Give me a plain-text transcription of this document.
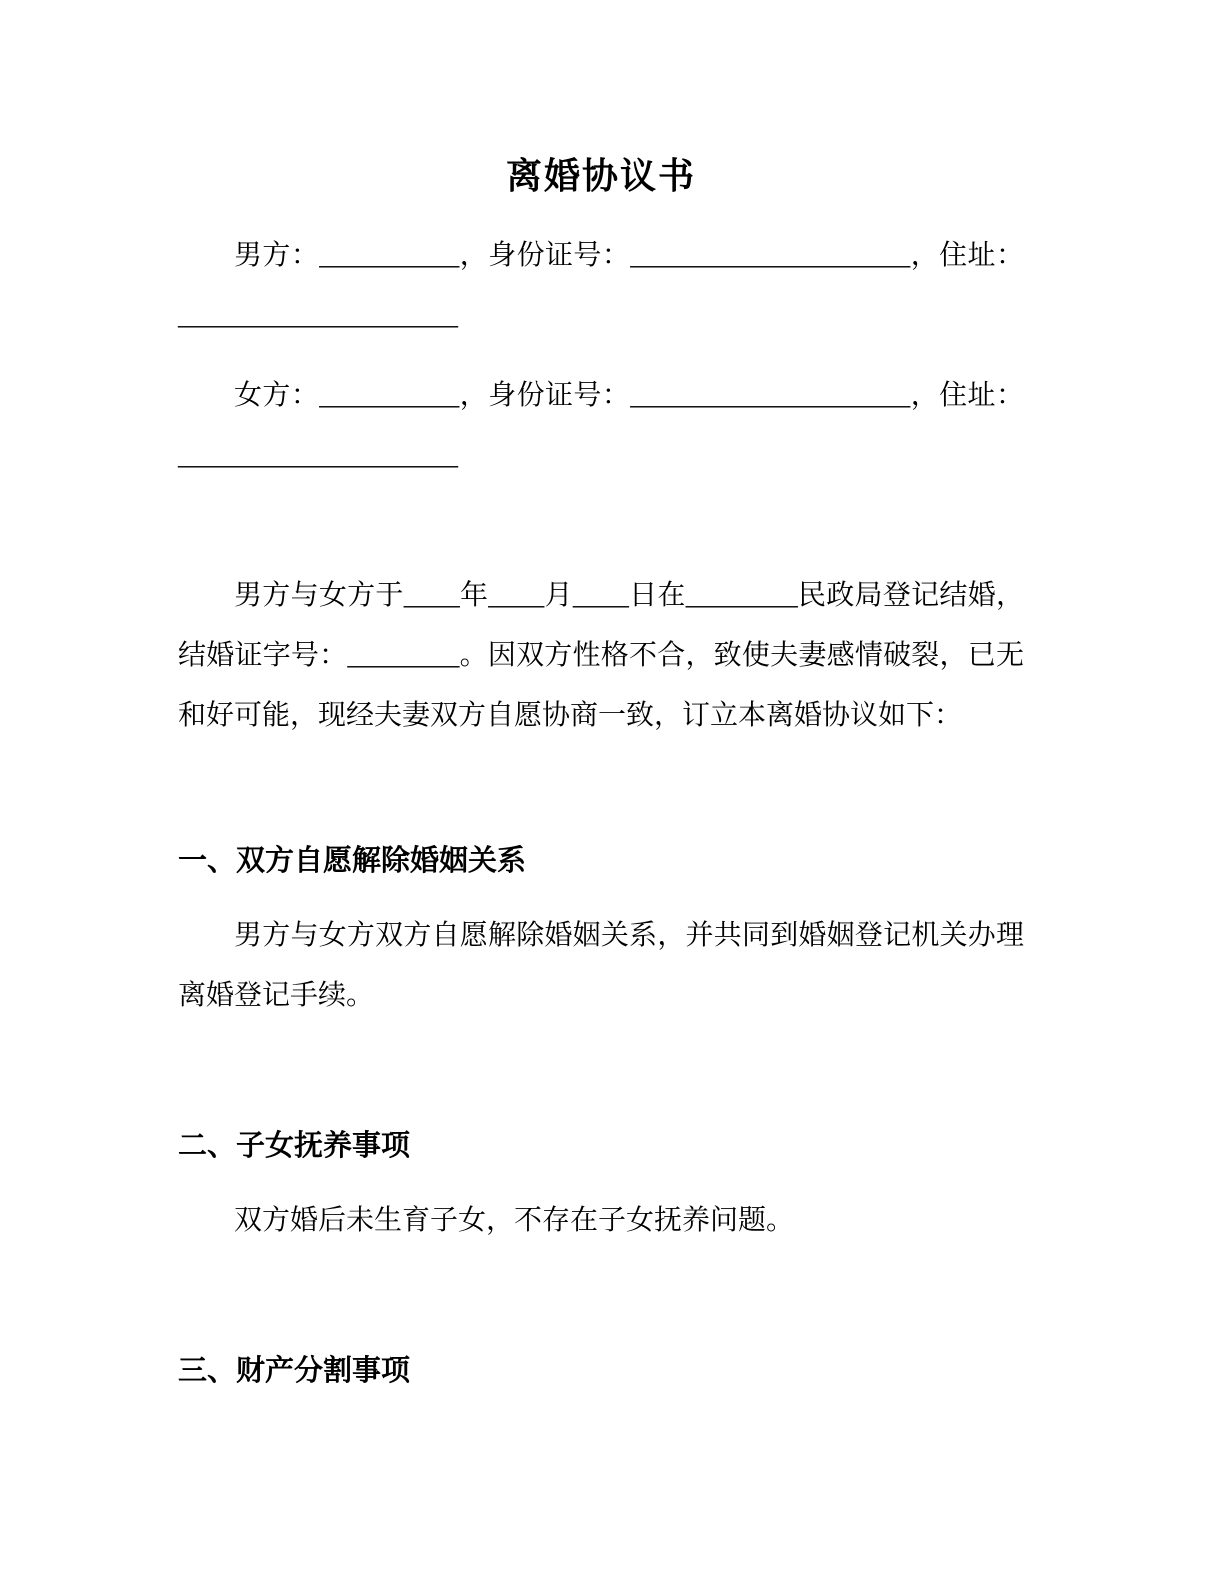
离婚协议书
男方：__________，身份证号：____________________，住址：
____________________
女方：__________，身份证号：____________________，住址：
____________________
男方与女方于____年____月____日在________民政局登记结婚，
结婚证字号：________。因双方性格不合，致使夫妻感情破裂，已无
和好可能，现经夫妻双方自愿协商一致，订立本离婚协议如下：
一、双方自愿解除婚姻关系
男方与女方双方自愿解除婚姻关系，并共同到婚姻登记机关办理
离婚登记手续。
二、子女抚养事项
双方婚后未生育子女，不存在子女抚养问题。
三、财产分割事项
